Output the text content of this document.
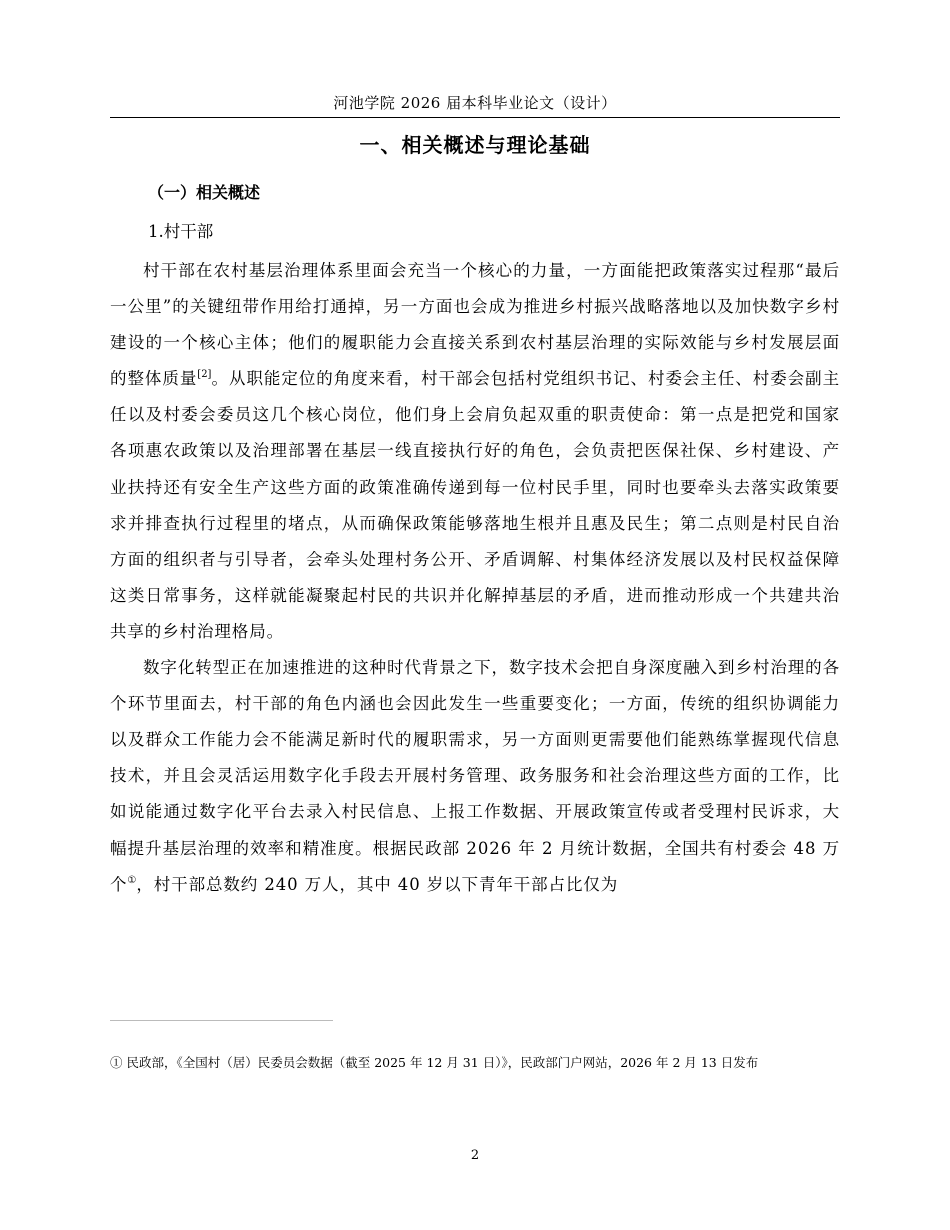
河池学院 2026 届本科毕业论文（设计）
一、相关概述与理论基础
（一）相关概述
1.村干部

村干部在农村基层治理体系里面会充当一个核心的力量，一方面能把政策落实过程那“最后一公里”的关键纽带作用给打通掉，另一方面也会成为推进乡村振兴战略落地以及加快数字乡村建设的一个核心主体；他们的履职能力会直接关系到农村基层治理的实际效能与乡村发展层面的整体质量[2]。从职能定位的角度来看，村干部会包括村党组织书记、村委会主任、村委会副主任以及村委会委员这几个核心岗位，他们身上会肩负起双重的职责使命：第一点是把党和国家各项惠农政策以及治理部署在基层一线直接执行好的角色，会负责把医保社保、乡村建设、产业扶持还有安全生产这些方面的政策准确传递到每一位村民手里，同时也要牵头去落实政策要求并排查执行过程里的堵点，从而确保政策能够落地生根并且惠及民生；第二点则是村民自治方面的组织者与引导者，会牵头处理村务公开、矛盾调解、村集体经济发展以及村民权益保障这类日常事务，这样就能凝聚起村民的共识并化解掉基层的矛盾，进而推动形成一个共建共治共享的乡村治理格局。

数字化转型正在加速推进的这种时代背景之下，数字技术会把自身深度融入到乡村治理的各个环节里面去，村干部的角色内涵也会因此发生一些重要变化；一方面，传统的组织协调能力以及群众工作能力会不能满足新时代的履职需求，另一方面则更需要他们能熟练掌握现代信息技术，并且会灵活运用数字化手段去开展村务管理、政务服务和社会治理这些方面的工作，比如说能通过数字化平台去录入村民信息、上报工作数据、开展政策宣传或者受理村民诉求，大幅提升基层治理的效率和精准度。根据民政部 2026 年 2 月统计数据，全国共有村委会 48 万个①，村干部总数约 240 万人，其中 40 岁以下青年干部占比仅为

① 民政部，《全国村（居）民委员会数据（截至 2025 年 12 月 31 日）》，民政部门户网站，2026 年 2 月 13 日发布
2
